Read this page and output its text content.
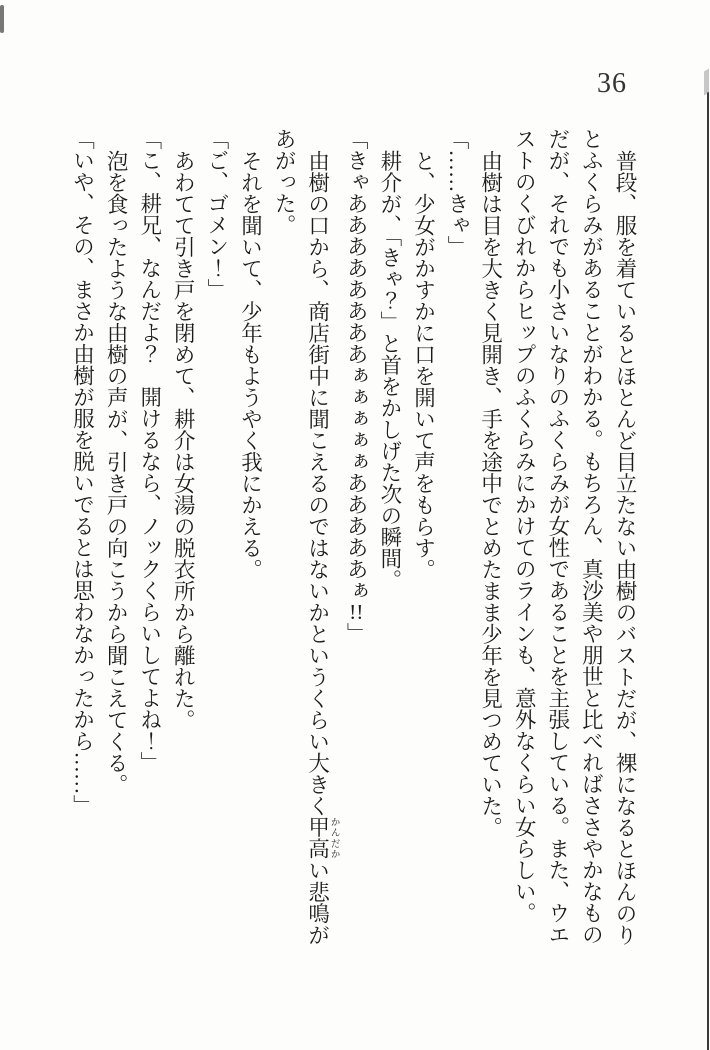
36

普段、服を着ているとほとんど目立たない由樹のバストだが、裸になるとほんのりとふくらみがあることがわかる。もちろん、真沙美や朋世と比べればささやかなものだが、それでも小さいなりのふくらみが女性であることを主張している。また、ウエストのくびれからヒップのふくらみにかけてのラインも、意外なくらい女らしい。

由樹は目を大きく見開き、手を途中でとめたまま少年を見つめていた。

「……きゃ」

と、少女がかすかに口を開いて声をもらす。

耕介が、「きゃ？」と首をかしげた次の瞬間。

「きゃああああああああぁぁぁぁぁあああああぁ!!」

由樹の口から、商店街中に聞こえるのではないかというくらい大きく甲高 かんだかい悲鳴があがった。

それを聞いて、少年もようやく我にかえる。

「ご、ゴメン！」

あわてて引き戸を閉めて、耕介は女湯の脱衣所から離れた。

「こ、耕兄、なんだよ？　開けるなら、ノックくらいしてよね！」

泡を食ったような由樹の声が、引き戸の向こうから聞こえてくる。

「いや、その、まさか由樹が服を脱いでるとは思わなかったから……」
